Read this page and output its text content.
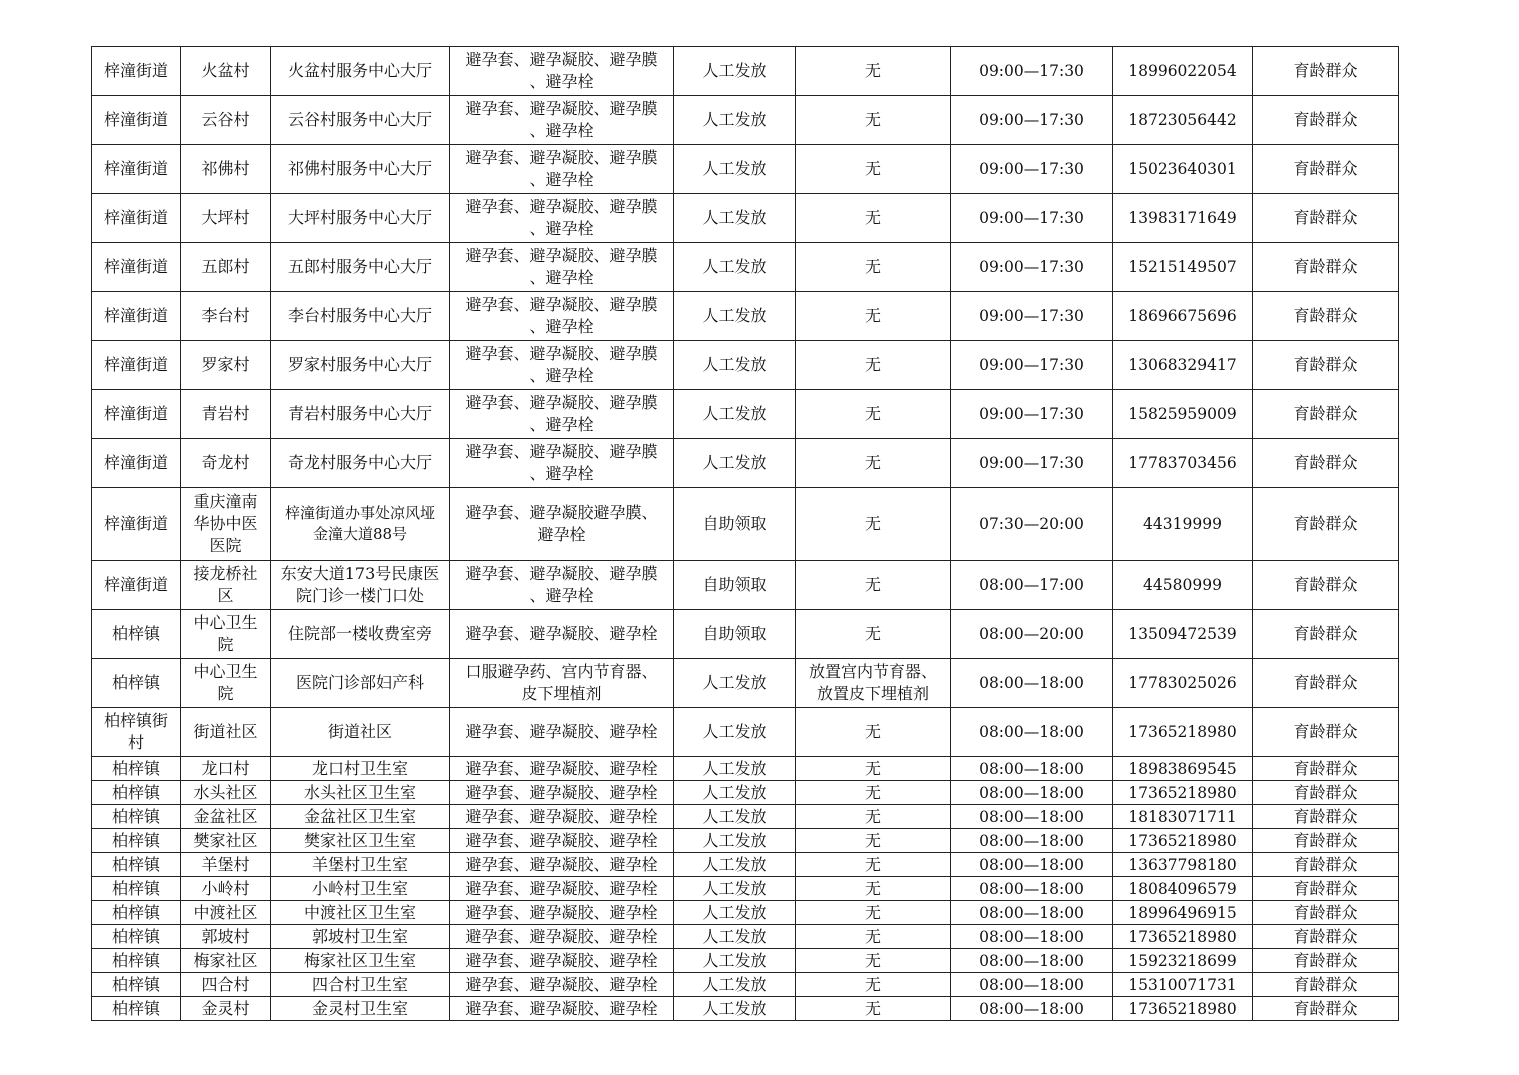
梓潼街道	火盆村	火盆村服务中心大厅	避孕套、避孕凝胶、避孕膜
、避孕栓	人工发放	无	09:00—17:30	18996022054	育龄群众
梓潼街道	云谷村	云谷村服务中心大厅	避孕套、避孕凝胶、避孕膜
、避孕栓	人工发放	无	09:00—17:30	18723056442	育龄群众
梓潼街道	祁佛村	祁佛村服务中心大厅	避孕套、避孕凝胶、避孕膜
、避孕栓	人工发放	无	09:00—17:30	15023640301	育龄群众
梓潼街道	大坪村	大坪村服务中心大厅	避孕套、避孕凝胶、避孕膜
、避孕栓	人工发放	无	09:00—17:30	13983171649	育龄群众
梓潼街道	五郎村	五郎村服务中心大厅	避孕套、避孕凝胶、避孕膜
、避孕栓	人工发放	无	09:00—17:30	15215149507	育龄群众
梓潼街道	李台村	李台村服务中心大厅	避孕套、避孕凝胶、避孕膜
、避孕栓	人工发放	无	09:00—17:30	18696675696	育龄群众
梓潼街道	罗家村	罗家村服务中心大厅	避孕套、避孕凝胶、避孕膜
、避孕栓	人工发放	无	09:00—17:30	13068329417	育龄群众
梓潼街道	青岩村	青岩村服务中心大厅	避孕套、避孕凝胶、避孕膜
、避孕栓	人工发放	无	09:00—17:30	15825959009	育龄群众
梓潼街道	奇龙村	奇龙村服务中心大厅	避孕套、避孕凝胶、避孕膜
、避孕栓	人工发放	无	09:00—17:30	17783703456	育龄群众
梓潼街道	重庆潼南
华协中医
医院	梓潼街道办事处凉风垭
金潼大道88号	避孕套、避孕凝胶避孕膜、
避孕栓	自助领取	无	07:30—20:00	44319999	育龄群众
梓潼街道	接龙桥社
区	东安大道173号民康医
院门诊一楼门口处	避孕套、避孕凝胶、避孕膜
、避孕栓	自助领取	无	08:00—17:00	44580999	育龄群众
柏梓镇	中心卫生
院	住院部一楼收费室旁	避孕套、避孕凝胶、避孕栓	自助领取	无	08:00—20:00	13509472539	育龄群众
柏梓镇	中心卫生
院	医院门诊部妇产科	口服避孕药、宫内节育器、
皮下埋植剂	人工发放	放置宫内节育器、
放置皮下埋植剂	08:00—18:00	17783025026	育龄群众
柏梓镇街
村	街道社区	街道社区	避孕套、避孕凝胶、避孕栓	人工发放	无	08:00—18:00	17365218980	育龄群众
柏梓镇	龙口村	龙口村卫生室	避孕套、避孕凝胶、避孕栓	人工发放	无	08:00—18:00	18983869545	育龄群众
柏梓镇	水头社区	水头社区卫生室	避孕套、避孕凝胶、避孕栓	人工发放	无	08:00—18:00	17365218980	育龄群众
柏梓镇	金盆社区	金盆社区卫生室	避孕套、避孕凝胶、避孕栓	人工发放	无	08:00—18:00	18183071711	育龄群众
柏梓镇	樊家社区	樊家社区卫生室	避孕套、避孕凝胶、避孕栓	人工发放	无	08:00—18:00	17365218980	育龄群众
柏梓镇	羊堡村	羊堡村卫生室	避孕套、避孕凝胶、避孕栓	人工发放	无	08:00—18:00	13637798180	育龄群众
柏梓镇	小岭村	小岭村卫生室	避孕套、避孕凝胶、避孕栓	人工发放	无	08:00—18:00	18084096579	育龄群众
柏梓镇	中渡社区	中渡社区卫生室	避孕套、避孕凝胶、避孕栓	人工发放	无	08:00—18:00	18996496915	育龄群众
柏梓镇	郭坡村	郭坡村卫生室	避孕套、避孕凝胶、避孕栓	人工发放	无	08:00—18:00	17365218980	育龄群众
柏梓镇	梅家社区	梅家社区卫生室	避孕套、避孕凝胶、避孕栓	人工发放	无	08:00—18:00	15923218699	育龄群众
柏梓镇	四合村	四合村卫生室	避孕套、避孕凝胶、避孕栓	人工发放	无	08:00—18:00	15310071731	育龄群众
柏梓镇	金灵村	金灵村卫生室	避孕套、避孕凝胶、避孕栓	人工发放	无	08:00—18:00	17365218980	育龄群众
